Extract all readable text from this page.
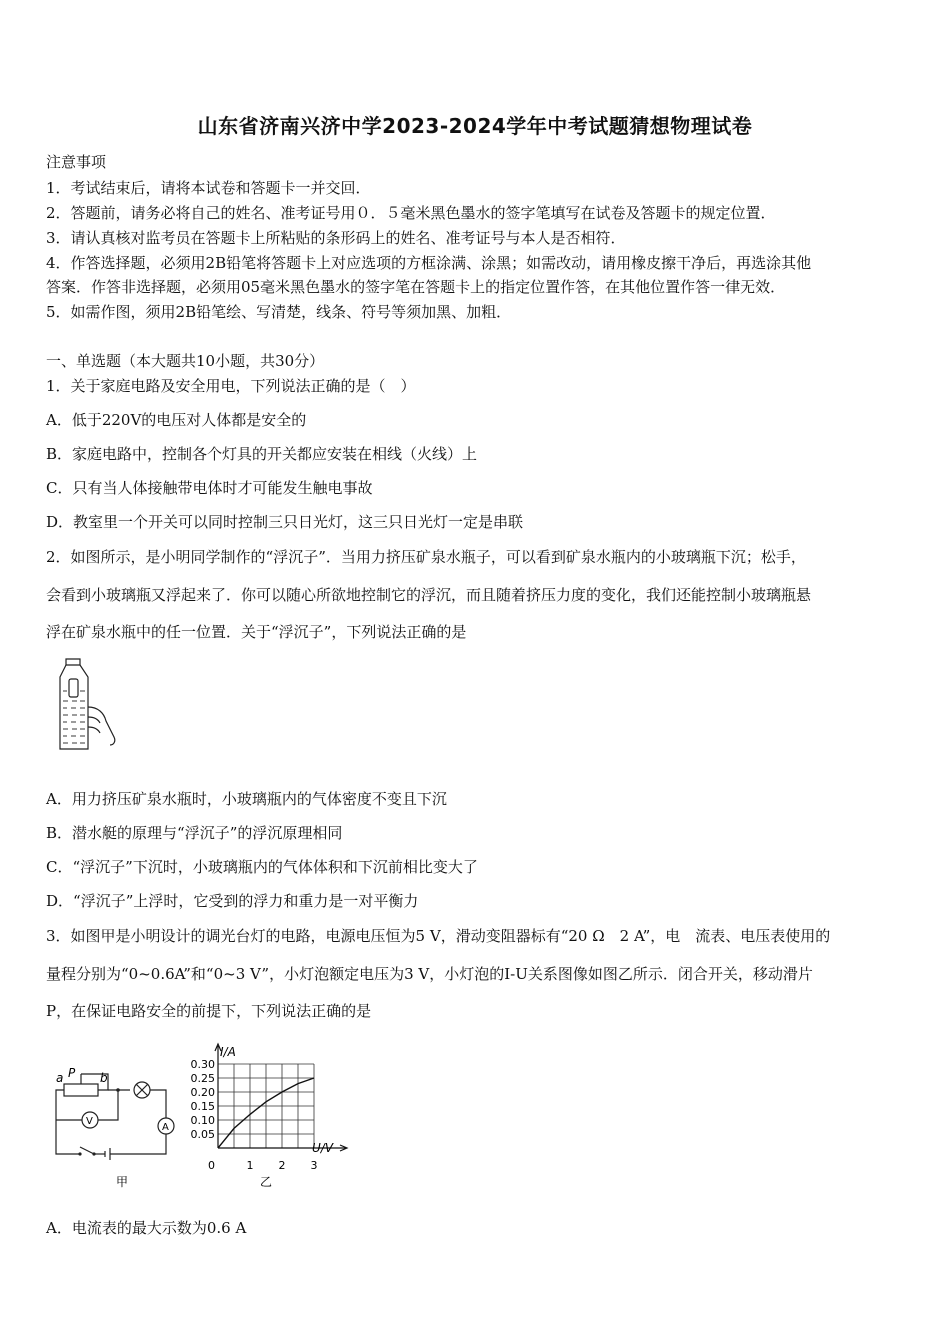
山东省济南兴济中学2023-2024学年中考试题猜想物理试卷
注意事项
1．考试结束后，请将本试卷和答题卡一并交回．
2．答题前，请务必将自己的姓名、准考证号用０．５毫米黑色墨水的签字笔填写在试卷及答题卡的规定位置．
3．请认真核对监考员在答题卡上所粘贴的条形码上的姓名、准考证号与本人是否相符．
4．作答选择题，必须用2B铅笔将答题卡上对应选项的方框涂满、涂黑；如需改动，请用橡皮擦干净后，再选涂其他
答案．作答非选择题，必须用05毫米黑色墨水的签字笔在答题卡上的指定位置作答，在其他位置作答一律无效．
5．如需作图，须用2B铅笔绘、写清楚，线条、符号等须加黑、加粗．
一、单选题（本大题共10小题，共30分）
1．关于家庭电路及安全用电，下列说法正确的是（　）
A．低于220V的电压对人体都是安全的
B．家庭电路中，控制各个灯具的开关都应安装在相线（火线）上
C．只有当人体接触带电体时才可能发生触电事故
D．教室里一个开关可以同时控制三只日光灯，这三只日光灯一定是串联
2．如图所示，是小明同学制作的“浮沉子”．当用力挤压矿泉水瓶子，可以看到矿泉水瓶内的小玻璃瓶下沉；松手，
会看到小玻璃瓶又浮起来了．你可以随心所欲地控制它的浮沉，而且随着挤压力度的变化，我们还能控制小玻璃瓶悬
浮在矿泉水瓶中的任一位置．关于“浮沉子”，下列说法正确的是
A．用力挤压矿泉水瓶时，小玻璃瓶内的气体密度不变且下沉
B．潜水艇的原理与“浮沉子”的浮沉原理相同
C．“浮沉子”下沉时，小玻璃瓶内的气体体积和下沉前相比变大了
D．“浮沉子”上浮时，它受到的浮力和重力是一对平衡力
3．如图甲是小明设计的调光台灯的电路，电源电压恒为5 V，滑动变阻器标有“20 Ω　2 A”，电　流表、电压表使用的
量程分别为“0~0.6A”和“0~3 V”，小灯泡额定电压为3 V，小灯泡的I-U关系图像如图乙所示．闭合开关，移动滑片
P，在保证电路安全的前提下，下列说法正确的是
a P b
V
A
甲
0.05
0.10
0.15
0.20
0.25
0.30
1 2 3
I/A
U/V
0
乙
A．电流表的最大示数为0.6 A
